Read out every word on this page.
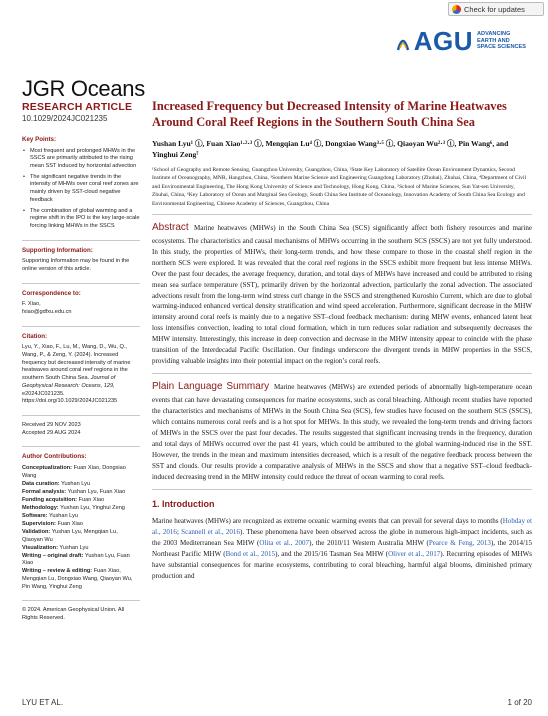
Check for updates
AGU ADVANCING
EARTH AND
SPACE SCIENCES
JGR Oceans
RESEARCH ARTICLE
10.1029/2024JC021235
Key Points:
• Most frequent and prolonged MHWs in the SSCS are primarily attributed to the rising mean SST induced by horizontal advection
• The significant negative trends in the intensity of MHWs over coral reef zones are mainly driven by SST-cloud negative feedback
• The combination of global warming and a regime shift in the IPO is the key large-scale forcing linking MHWs in the SSCS
Supporting Information:
Supporting Information may be found in the online version of this article.
Correspondence to:
F. Xiao,
fxiao@gdfxu.edu.cn
Citation:
Lyu, Y., Xiao, F., Lu, M., Wang, D., Wu, Q., Wang, P., & Zeng, Y. (2024). Increased frequency but decreased intensity of marine heatwaves around coral reef regions in the southern South China Sea. Journal of Geophysical Research: Oceans, 129, e2024JC021235. https://doi.org/10.1029/2024JC021235
Received 29 NOV 2023
Accepted 29 AUG 2024
Author Contributions:
Conceptualization: Fuan Xiao, Dongxiao Wang
Data curation: Yushan Lyu
Formal analysis: Yushan Lyu, Fuan Xiao
Funding acquisition: Fuan Xiao
Methodology: Yushan Lyu, Yinghui Zeng
Software: Yushan Lyu
Supervision: Fuan Xiao
Validation: Yushan Lyu, Mengqian Lu, Qiaoyan Wu
Visualization: Yushan Lyu
Writing – original draft: Yushan Lyu, Fuan Xiao
Writing – review & editing: Fuan Xiao, Mengqian Lu, Dongxiao Wang, Qiaoyan Wu, Pin Wang, Yinghui Zeng
© 2024. American Geophysical Union. All Rights Reserved.
Increased Frequency but Decreased Intensity of Marine Heatwaves Around Coral Reef Regions in the Southern South China Sea
Yushan Lyu¹ ⓘ, Fuan Xiao¹·²·³ ⓘ, Mengqian Lu⁴ ⓘ, Dongxiao Wang³·⁵ ⓘ, Qiaoyan Wu²·³ ⓘ, Pin Wang⁶, and Yinghui Zeng⁷
¹School of Geography and Remote Sensing, Guangzhou University, Guangzhou, China, ²State Key Laboratory of Satellite Ocean Environment Dynamics, Second Institute of Oceanography, MNR, Hangzhou, China, ³Southern Marine Science and Engineering Guangdong Laboratory (Zhuhai), Zhuhai, China, ⁴Department of Civil and Environmental Engineering, The Hong Kong University of Science and Technology, Hong Kong, China, ⁵School of Marine Sciences, Sun Yat-sen University, Zhuhai, China, ⁶Key Laboratory of Ocean and Marginal Sea Geology, South China Sea Institute of Oceanology, Innovation Academy of South China Sea Ecology and Environmental Engineering, Chinese Academy of Sciences, Guangzhou, China
Abstract Marine heatwaves (MHWs) in the South China Sea (SCS) significantly affect both fishery resources and marine ecosystems. The characteristics and causal mechanisms of MHWs occurring in the southern SCS (SSCS) are not yet fully understood. In this study, the properties of MHWs, their long-term trends, and how these compare to those in the coastal shelf region in the northern SCS were explored. It was revealed that the coral reef regions in the SSCS exhibit more frequent but less intense MHWs. Over the past four decades, the average frequency, duration, and total days of MHWs have increased and could be attributed to rising mean sea surface temperature (SST), primarily driven by the horizontal advection, particularly the zonal advection. The associated advections result from the long-term wind stress curl change in the SSCS and strengthened Kuroshio Current, which are due to global warming-induced enhanced vertical density stratification and wind speed acceleration. Furthermore, significant decrease in the MHW intensity around coral reefs is mainly due to a negative SST–cloud feedback mechanism: during MHW events, enhanced latent heat loss intensifies convection, leading to total cloud formation, which in turn reduces solar radiation and subsequently decreases the MHW intensity. Interestingly, this increase in deep convection and decrease in the MHW intensity appear to coincide with the phase transition of the Interdecadal Pacific Oscillation. Our findings underscore the divergent trends in MHW properties in the SSCS, providing valuable insights into their potential impact on the region’s coral reefs.
Plain Language Summary Marine heatwaves (MHWs) are extended periods of abnormally high-temperature ocean events that can have devastating consequences for marine ecosystems, such as coral bleaching. Although recent studies have reported the characteristics and mechanisms of MHWs in the South China Sea (SCS), few studies have focused on the southern SCS (SSCS), which contains numerous coral reefs and is a hot spot for MHWs. In this study, we revealed the long-term trends and driving factors of MHWs in the SSCS over the past four decades. The results suggested that significant increasing trends in the frequency, duration and total days of MHWs occurred over the past 41 years, which could be attributed to the global warming-induced rise in the SST. However, the trends in the mean and maximum intensities decreased, which is a result of the negative feedback process between the SST and clouds. Our results provide a comparative analysis of MHWs in the SSCS and show that a negative SST–cloud feedback-induced decreasing trend in the MHW intensity could reduce the threat of ocean warming to coral reefs.
1. Introduction
Marine heatwaves (MHWs) are recognized as extreme oceanic warming events that can prevail for several days to months (Hobday et al., 2016; Scannell et al., 2016). These phenomena have been observed across the globe in numerous high-impact incidents, such as the 2003 Mediterranean Sea MHW (Olita et al., 2007), the 2010/11 Western Australia MHW (Pearce & Feng, 2013), the 2014/15 Northeast Pacific MHW (Bond et al., 2015), and the 2015/16 Tasman Sea MHW (Oliver et al., 2017). Recurring episodes of MHWs have substantial consequences for marine ecosystems, contributing to coral bleaching, harmful algal blooms, diminished primary production and
LYU ET AL.	1 of 20
